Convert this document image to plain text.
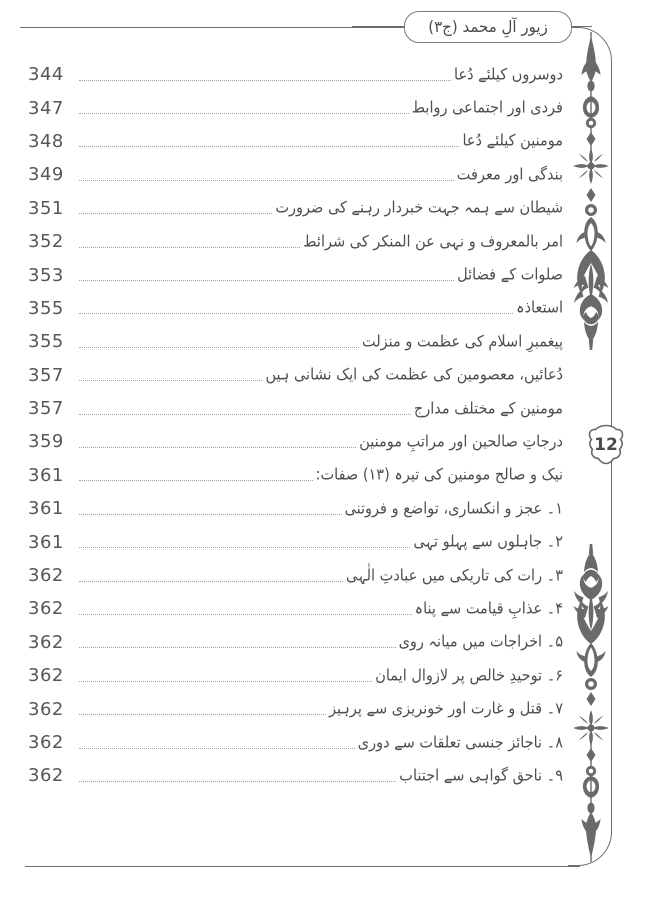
زیور آلِ محمد (ج۳)
344	دوسروں کیلئے دُعا
347	فردی اور اجتماعی روابط
348	مومنین کیلئے دُعا
349	بندگی اور معرفت
351	شیطان سے ہمہ جہت خبردار رہنے کی ضرورت
352	امر بالمعروف و نہی عن المنکر کی شرائط
353	صلوات کے فضائل
355	استعاذہ
355	پیغمبرِ اسلام کی عظمت و منزلت
357	دُعائیں، معصومین کی عظمت کی ایک نشانی ہیں
357	مومنین کے مختلف مدارج
359	درجاتِ صالحین اور مراتبِ مومنین
361	نیک و صالح مومنین کی تیرہ (۱۳) صفات:
361	۱۔ عجز و انکساری، تواضع و فروتنی
361	۲۔ جاہلوں سے پہلو تہی
362	۳۔ رات کی تاریکی میں عبادتِ الٰہی
362	۴۔ عذابِ قیامت سے پناہ
362	۵۔ اخراجات میں میانہ روی
362	۶۔ توحیدِ خالص پر لازوال ایمان
362	۷۔ قتل و غارت اور خونریزی سے پرہیز
362	۸۔ ناجائز جنسی تعلقات سے دوری
362	۹۔ ناحق گواہی سے اجتناب
12
